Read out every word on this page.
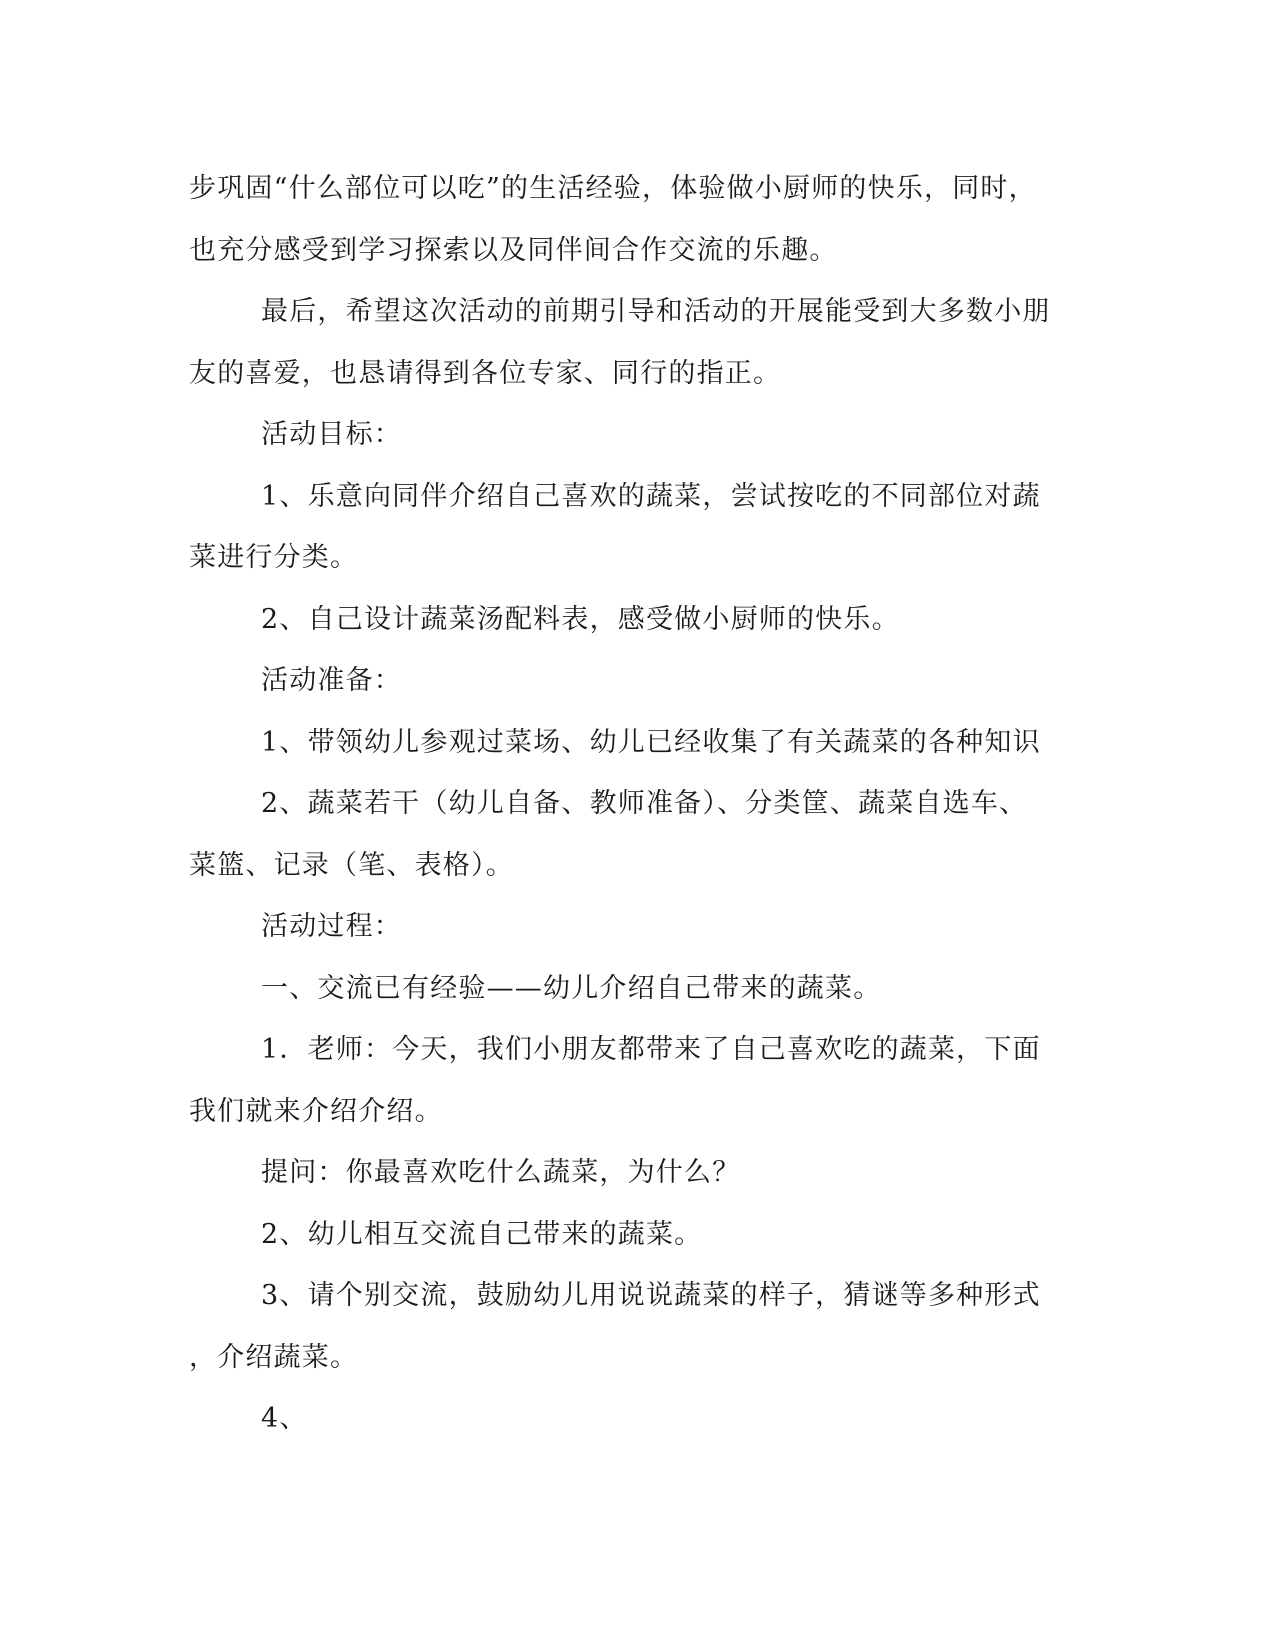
步巩固“什么部位可以吃”的生活经验，体验做小厨师的快乐，同时，
也充分感受到学习探索以及同伴间合作交流的乐趣。
最后，希望这次活动的前期引导和活动的开展能受到大多数小朋
友的喜爱，也恳请得到各位专家、同行的指正。
活动目标：
1、乐意向同伴介绍自己喜欢的蔬菜，尝试按吃的不同部位对蔬
菜进行分类。
2、自己设计蔬菜汤配料表，感受做小厨师的快乐。
活动准备：
1、带领幼儿参观过菜场、幼儿已经收集了有关蔬菜的各种知识
2、蔬菜若干（幼儿自备、教师准备）、分类筐、蔬菜自选车、
菜篮、记录（笔、表格）。
活动过程：
一、交流已有经验——幼儿介绍自己带来的蔬菜。
1．老师：今天，我们小朋友都带来了自己喜欢吃的蔬菜，下面
我们就来介绍介绍。
提问：你最喜欢吃什么蔬菜，为什么？
2、幼儿相互交流自己带来的蔬菜。
3、请个别交流，鼓励幼儿用说说蔬菜的样子，猜谜等多种形式
，介绍蔬菜。
4、
